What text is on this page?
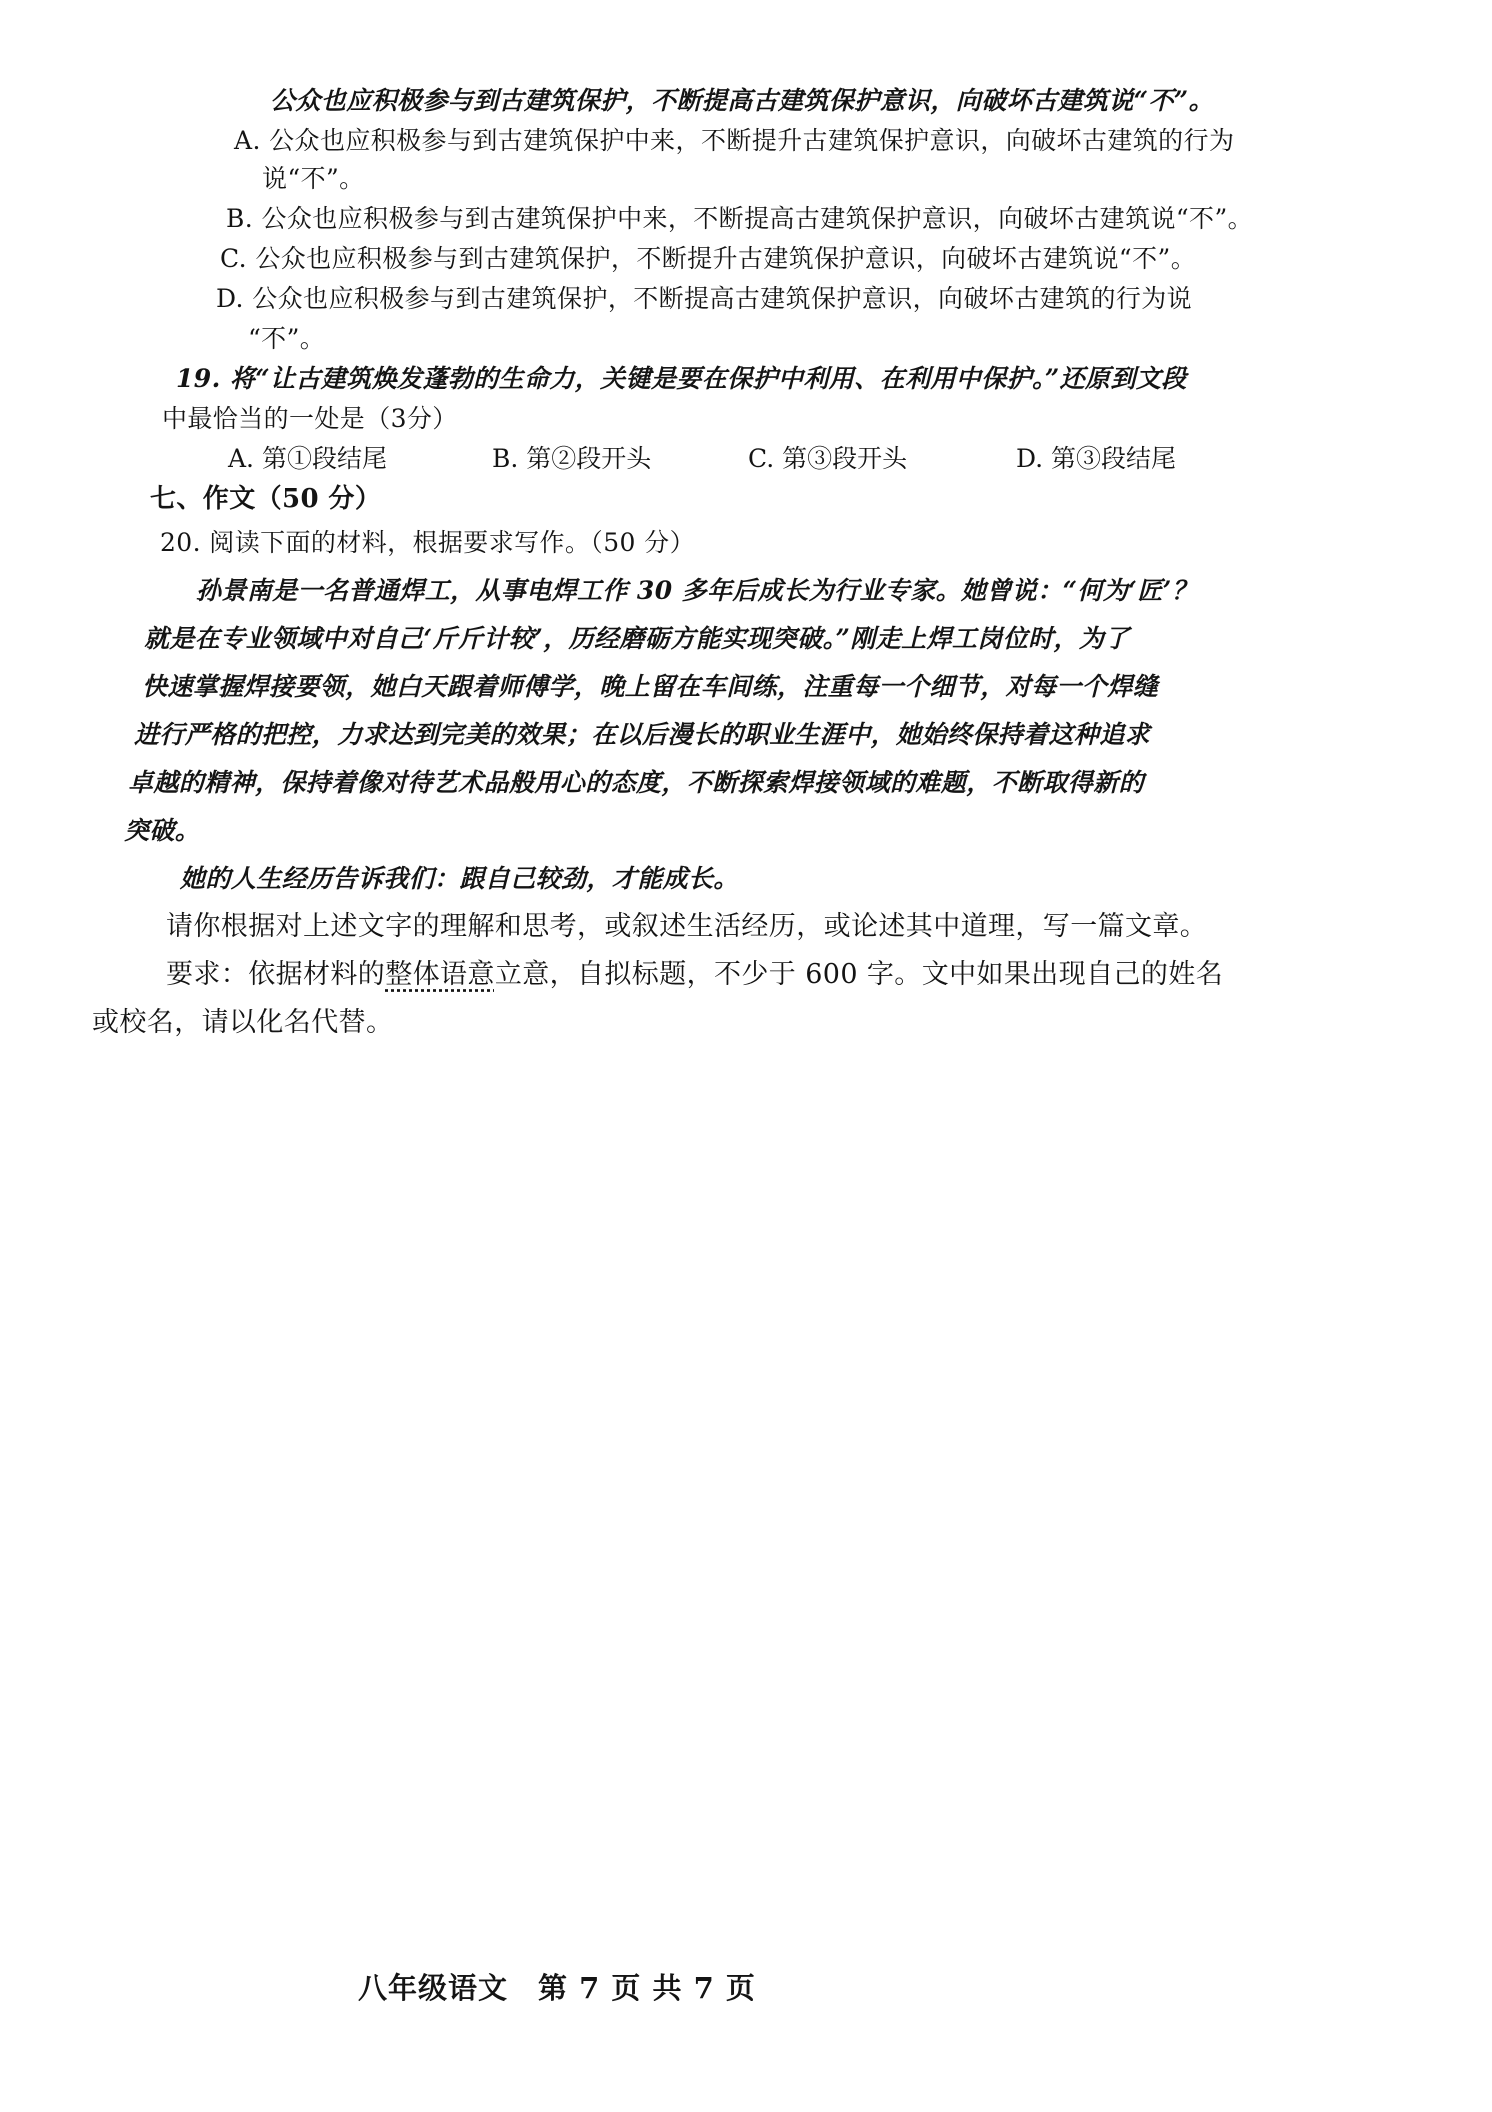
公众也应积极参与到古建筑保护，不断提高古建筑保护意识，向破坏古建筑说“不”。
A. 公众也应积极参与到古建筑保护中来，不断提升古建筑保护意识，向破坏古建筑的行为
说“不”。
B. 公众也应积极参与到古建筑保护中来，不断提高古建筑保护意识，向破坏古建筑说“不”。
C. 公众也应积极参与到古建筑保护，不断提升古建筑保护意识，向破坏古建筑说“不”。
D. 公众也应积极参与到古建筑保护，不断提高古建筑保护意识，向破坏古建筑的行为说
“不”。
19. 将“让古建筑焕发蓬勃的生命力，关键是要在保护中利用、在利用中保护。”还原到文段
中最恰当的一处是（3分）
A. 第①段结尾	B. 第②段开头	C. 第③段开头	D. 第③段结尾
七、作文（50 分）
20. 阅读下面的材料，根据要求写作。（50 分）
孙景南是一名普通焊工，从事电焊工作 30 多年后成长为行业专家。她曾说：“何为‘匠’？
就是在专业领域中对自己‘斤斤计较’，历经磨砺方能实现突破。”刚走上焊工岗位时，为了
快速掌握焊接要领，她白天跟着师傅学，晚上留在车间练，注重每一个细节，对每一个焊缝
进行严格的把控，力求达到完美的效果；在以后漫长的职业生涯中，她始终保持着这种追求
卓越的精神，保持着像对待艺术品般用心的态度，不断探索焊接领域的难题，不断取得新的
突破。
她的人生经历告诉我们：跟自己较劲，才能成长。
请你根据对上述文字的理解和思考，或叙述生活经历，或论述其中道理，写一篇文章。
要求：依据材料的整体语意立意，自拟标题，不少于 600 字。文中如果出现自己的姓名
或校名，请以化名代替。
八年级语文　第 7 页 共 7 页
